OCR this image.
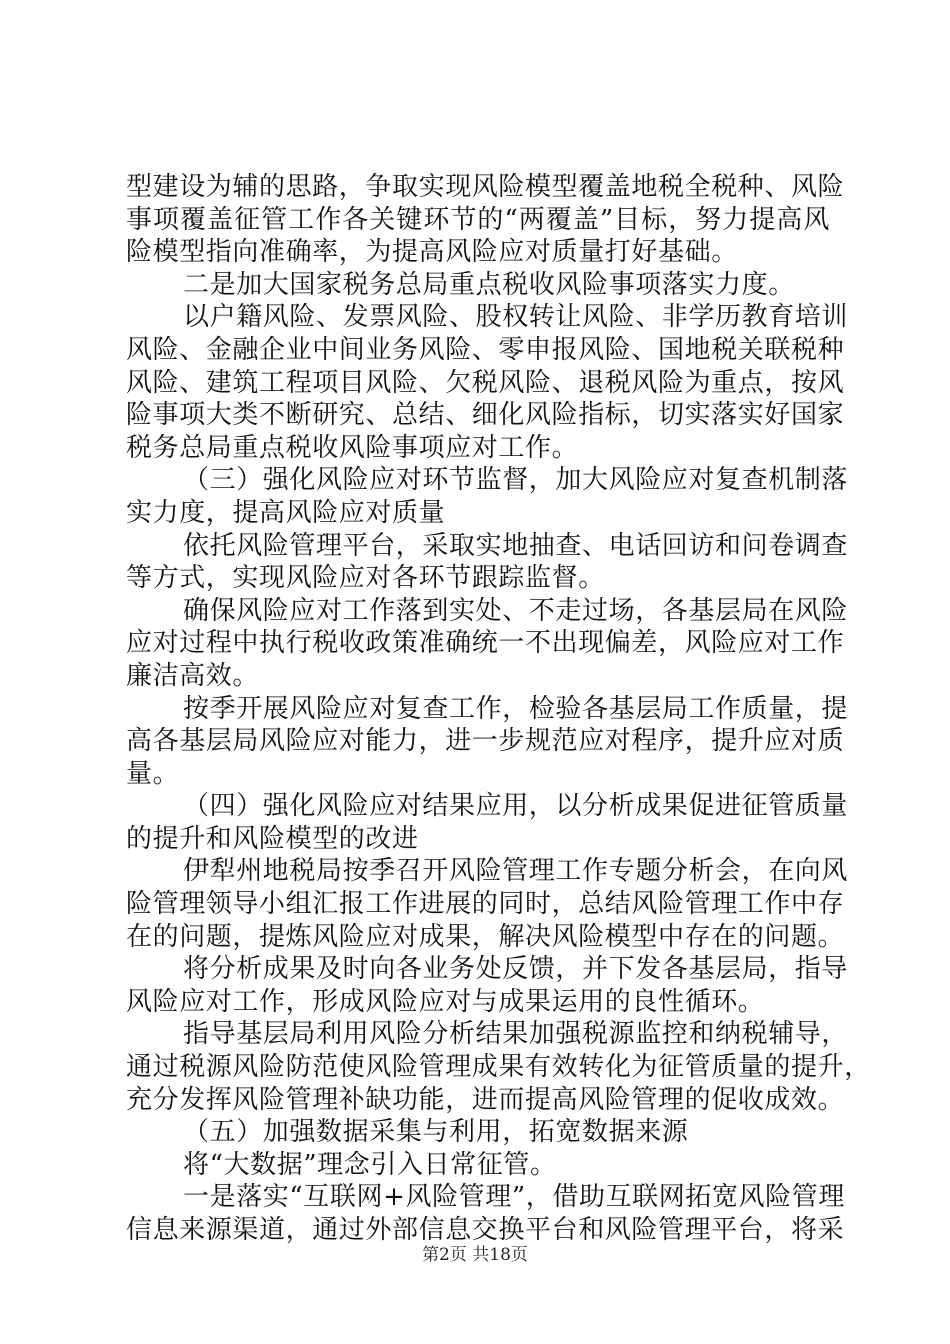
型建设为辅的思路，争取实现风险模型覆盖地税全税种、风险
事项覆盖征管工作各关键环节的“两覆盖”目标，努力提高风
险模型指向准确率，为提高风险应对质量打好基础。
二是加大国家税务总局重点税收风险事项落实力度。
以户籍风险、发票风险、股权转让风险、非学历教育培训
风险、金融企业中间业务风险、零申报风险、国地税关联税种
风险、建筑工程项目风险、欠税风险、退税风险为重点，按风
险事项大类不断研究、总结、细化风险指标，切实落实好国家
税务总局重点税收风险事项应对工作。
（三）强化风险应对环节监督，加大风险应对复查机制落
实力度，提高风险应对质量
依托风险管理平台，采取实地抽查、电话回访和问卷调查
等方式，实现风险应对各环节跟踪监督。
确保风险应对工作落到实处、不走过场，各基层局在风险
应对过程中执行税收政策准确统一不出现偏差，风险应对工作
廉洁高效。
按季开展风险应对复查工作，检验各基层局工作质量，提
高各基层局风险应对能力，进一步规范应对程序，提升应对质
量。
（四）强化风险应对结果应用，以分析成果促进征管质量
的提升和风险模型的改进
伊犁州地税局按季召开风险管理工作专题分析会，在向风
险管理领导小组汇报工作进展的同时，总结风险管理工作中存
在的问题，提炼风险应对成果，解决风险模型中存在的问题。
将分析成果及时向各业务处反馈，并下发各基层局，指导
风险应对工作，形成风险应对与成果运用的良性循环。
指导基层局利用风险分析结果加强税源监控和纳税辅导，
通过税源风险防范使风险管理成果有效转化为征管质量的提升，
充分发挥风险管理补缺功能，进而提高风险管理的促收成效。
（五）加强数据采集与利用，拓宽数据来源
将“大数据”理念引入日常征管。
一是落实“互联网+风险管理”，借助互联网拓宽风险管理
信息来源渠道，通过外部信息交换平台和风险管理平台，将采
第2页 共18页
